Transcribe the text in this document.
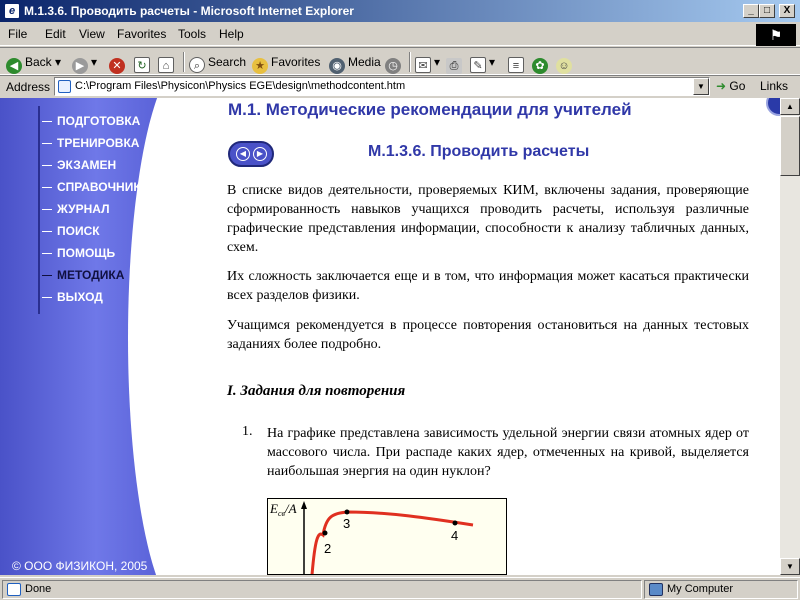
e М.1.3.6. Проводить расчеты - Microsoft Internet Explorer	_	□	X
File Edit View Favorites Tools Help	⚑
◀ Back ▾	▶ ▾	✕	↻	⌂	⌕ Search ★ Favorites ◉ Media ◷	✉ ▾ ⎙	✎ ▾	≡	✿	☺
Address	C:\Program Files\Physicon\Physics EGE\design\methodcontent.htm	▼ ➜ Go Links
ПОДГОТОВКА
ТРЕНИРОВКА
ЭКЗАМЕН
СПРАВОЧНИК
ЖУРНАЛ
ПОИСК
ПОМОЩЬ
МЕТОДИКА
ВЫХОД
© ООО ФИЗИКОН, 2005
М.1. Методические рекомендации для учителей
◀	▶	М.1.3.6. Проводить расчеты
В списке видов деятельности, проверяемых КИМ, включены задания, проверяющие сформированность навыков учащихся проводить расчеты, используя различные графические представления информации, способности к анализу табличных данных, схем.
Их сложность заключается еще и в том, что информация может касаться практически всех разделов физики.
Учащимся рекомендуется в процессе повторения остановиться на данных тестовых заданиях более подробно.
I. Задания для повторения
1. На графике представлена зависимость удельной энергии связи атомных ядер от массового числа. При распаде каких ядер, отмеченных на кривой, выделяется наибольшая энергия на один нуклон?
$E_{св}/A$
2
3
4
▲
▼
Done	My Computer
